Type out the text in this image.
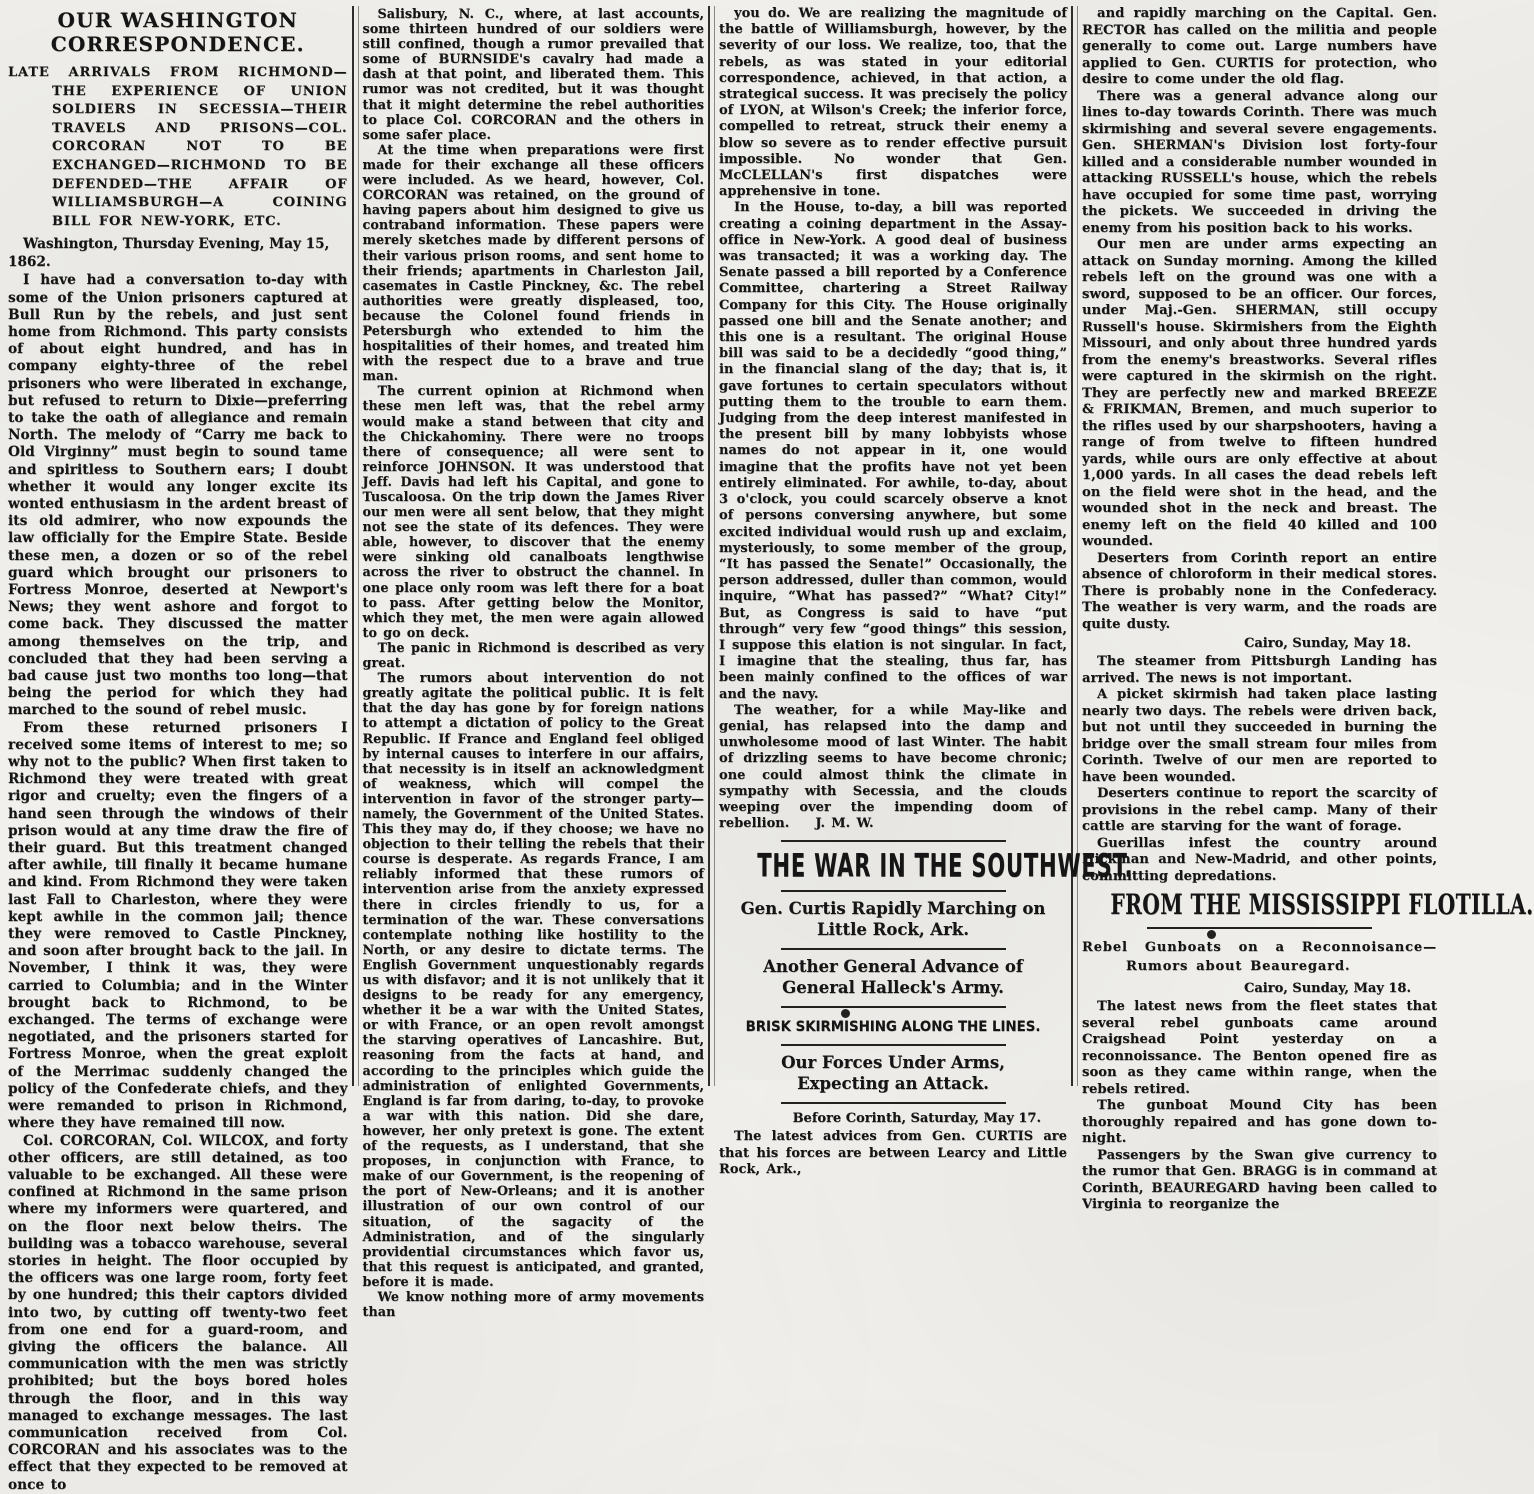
OUR WASHINGTON CORRESPONDENCE.
LATE ARRIVALS FROM RICHMOND—THE EXPERIENCE OF UNION SOLDIERS IN SECESSIA—THEIR TRAVELS AND PRISONS—COL. CORCORAN NOT TO BE EXCHANGED—RICHMOND TO BE DEFENDED—THE AFFAIR OF WILLIAMSBURGH—A COINING BILL FOR NEW-YORK, ETC.
Washington, Thursday Evening, May 15, 1862.
I have had a conversation to-day with some of the Union prisoners captured at Bull Run by the rebels, and just sent home from Richmond. This party consists of about eight hundred, and has in company eighty-three of the rebel prisoners who were liberated in exchange, but refused to return to Dixie—preferring to take the oath of allegiance and remain North. The melody of “Carry me back to Old Virginny” must begin to sound tame and spiritless to Southern ears; I doubt whether it would any longer excite its wonted enthusiasm in the ardent breast of its old admirer, who now expounds the law officially for the Empire State. Beside these men, a dozen or so of the rebel guard which brought our prisoners to Fortress Monroe, deserted at Newport's News; they went ashore and forgot to come back. They discussed the matter among themselves on the trip, and concluded that they had been serving a bad cause just two months too long—that being the period for which they had marched to the sound of rebel music.
From these returned prisoners I received some items of interest to me; so why not to the public? When first taken to Richmond they were treated with great rigor and cruelty; even the fingers of a hand seen through the windows of their prison would at any time draw the fire of their guard. But this treatment changed after awhile, till finally it became humane and kind. From Richmond they were taken last Fall to Charleston, where they were kept awhile in the common jail; thence they were removed to Castle Pinckney, and soon after brought back to the jail. In November, I think it was, they were carried to Columbia; and in the Winter brought back to Richmond, to be exchanged. The terms of exchange were negotiated, and the prisoners started for Fortress Monroe, when the great exploit of the Merrimac suddenly changed the policy of the Confederate chiefs, and they were remanded to prison in Richmond, where they have remained till now.
Col. CORCORAN, Col. WILCOX, and forty other officers, are still detained, as too valuable to be exchanged. All these were confined at Richmond in the same prison where my informers were quartered, and on the floor next below theirs. The building was a tobacco warehouse, several stories in height. The floor occupied by the officers was one large room, forty feet by one hundred; this their captors divided into two, by cutting off twenty-two feet from one end for a guard-room, and giving the officers the balance. All communication with the men was strictly prohibited; but the boys bored holes through the floor, and in this way managed to exchange messages. The last communication received from Col. CORCORAN and his associates was to the effect that they expected to be removed at once to
Salisbury, N. C., where, at last accounts, some thirteen hundred of our soldiers were still confined, though a rumor prevailed that some of BURNSIDE's cavalry had made a dash at that point, and liberated them. This rumor was not credited, but it was thought that it might determine the rebel authorities to place Col. CORCORAN and the others in some safer place.
At the time when preparations were first made for their exchange all these officers were included. As we heard, however, Col. CORCORAN was retained, on the ground of having papers about him designed to give us contraband information. These papers were merely sketches made by different persons of their various prison rooms, and sent home to their friends; apartments in Charleston Jail, casemates in Castle Pinckney, &c. The rebel authorities were greatly displeased, too, because the Colonel found friends in Petersburgh who extended to him the hospitalities of their homes, and treated him with the respect due to a brave and true man.
The current opinion at Richmond when these men left was, that the rebel army would make a stand between that city and the Chickahominy. There were no troops there of consequence; all were sent to reinforce JOHNSON. It was understood that Jeff. Davis had left his Capital, and gone to Tuscaloosa. On the trip down the James River our men were all sent below, that they might not see the state of its defences. They were able, however, to discover that the enemy were sinking old canalboats lengthwise across the river to obstruct the channel. In one place only room was left there for a boat to pass. After getting below the Monitor, which they met, the men were again allowed to go on deck.
The panic in Richmond is described as very great.
The rumors about intervention do not greatly agitate the political public. It is felt that the day has gone by for foreign nations to attempt a dictation of policy to the Great Republic. If France and England feel obliged by internal causes to interfere in our affairs, that necessity is in itself an acknowledgment of weakness, which will compel the intervention in favor of the stronger party—namely, the Government of the United States. This they may do, if they choose; we have no objection to their telling the rebels that their course is desperate. As regards France, I am reliably informed that these rumors of intervention arise from the anxiety expressed there in circles friendly to us, for a termination of the war. These conversations contemplate nothing like hostility to the North, or any desire to dictate terms. The English Government unquestionably regards us with disfavor; and it is not unlikely that it designs to be ready for any emergency, whether it be a war with the United States, or with France, or an open revolt amongst the starving operatives of Lancashire. But, reasoning from the facts at hand, and according to the principles which guide the administration of enlighted Governments, England is far from daring, to-day, to provoke a war with this nation. Did she dare, however, her only pretext is gone. The extent of the requests, as I understand, that she proposes, in conjunction with France, to make of our Government, is the reopening of the port of New-Orleans; and it is another illustration of our own control of our situation, of the sagacity of the Administration, and of the singularly providential circumstances which favor us, that this request is anticipated, and granted, before it is made.
We know nothing more of army movements than
you do. We are realizing the magnitude of the battle of Williamsburgh, however, by the severity of our loss. We realize, too, that the rebels, as was stated in your editorial correspondence, achieved, in that action, a strategical success. It was precisely the policy of LYON, at Wilson's Creek; the inferior force, compelled to retreat, struck their enemy a blow so severe as to render effective pursuit impossible. No wonder that Gen. McCLELLAN's first dispatches were apprehensive in tone.
In the House, to-day, a bill was reported creating a coining department in the Assay-office in New-York. A good deal of business was transacted; it was a working day. The Senate passed a bill reported by a Conference Committee, chartering a Street Railway Company for this City. The House originally passed one bill and the Senate another; and this one is a resultant. The original House bill was said to be a decidedly “good thing,” in the financial slang of the day; that is, it gave fortunes to certain speculators without putting them to the trouble to earn them. Judging from the deep interest manifested in the present bill by many lobbyists whose names do not appear in it, one would imagine that the profits have not yet been entirely eliminated. For awhile, to-day, about 3 o'clock, you could scarcely observe a knot of persons conversing anywhere, but some excited individual would rush up and exclaim, mysteriously, to some member of the group, “It has passed the Senate!” Occasionally, the person addressed, duller than common, would inquire, “What has passed?” “What? City!” But, as Congress is said to have “put through” very few “good things” this session, I suppose this elation is not singular. In fact, I imagine that the stealing, thus far, has been mainly confined to the offices of war and the navy.
The weather, for a while May-like and genial, has relapsed into the damp and unwholesome mood of last Winter. The habit of drizzling seems to have become chronic; one could almost think the climate in sympathy with Secessia, and the clouds weeping over the impending doom of rebellion.  J. M. W.
THE WAR IN THE SOUTHWEST.
Gen. Curtis Rapidly Marching on Little Rock, Ark.
Another General Advance of General Halleck's Army.
BRISK SKIRMISHING ALONG THE LINES.
Our Forces Under Arms, Expecting an Attack.
Before Corinth, Saturday, May 17.
The latest advices from Gen. CURTIS are that his forces are between Learcy and Little Rock, Ark.,
and rapidly marching on the Capital. Gen. RECTOR has called on the militia and people generally to come out. Large numbers have applied to Gen. CURTIS for protection, who desire to come under the old flag.
There was a general advance along our lines to-day towards Corinth. There was much skirmishing and several severe engagements. Gen. SHERMAN's Division lost forty-four killed and a considerable number wounded in attacking RUSSELL's house, which the rebels have occupied for some time past, worrying the pickets. We succeeded in driving the enemy from his position back to his works.
Our men are under arms expecting an attack on Sunday morning. Among the killed rebels left on the ground was one with a sword, supposed to be an officer. Our forces, under Maj.-Gen. SHERMAN, still occupy Russell's house. Skirmishers from the Eighth Missouri, and only about three hundred yards from the enemy's breastworks. Several rifles were captured in the skirmish on the right. They are perfectly new and marked BREEZE & FRIKMAN, Bremen, and much superior to the rifles used by our sharpshooters, having a range of from twelve to fifteen hundred yards, while ours are only effective at about 1,000 yards. In all cases the dead rebels left on the field were shot in the head, and the wounded shot in the neck and breast. The enemy left on the field 40 killed and 100 wounded.
Deserters from Corinth report an entire absence of chloroform in their medical stores. There is probably none in the Confederacy. The weather is very warm, and the roads are quite dusty.
Cairo, Sunday, May 18.
The steamer from Pittsburgh Landing has arrived. The news is not important.
A picket skirmish had taken place lasting nearly two days. The rebels were driven back, but not until they succeeded in burning the bridge over the small stream four miles from Corinth. Twelve of our men are reported to have been wounded.
Deserters continue to report the scarcity of provisions in the rebel camp. Many of their cattle are starving for the want of forage.
Guerillas infest the country around Hickman and New-Madrid, and other points, committing depredations.
FROM THE MISSISSIPPI FLOTILLA.
Rebel Gunboats on a Reconnoisance—Rumors about Beauregard.
Cairo, Sunday, May 18.
The latest news from the fleet states that several rebel gunboats came around Craigshead Point yesterday on a reconnoissance. The Benton opened fire as soon as they came within range, when the rebels retired.
The gunboat Mound City has been thoroughly repaired and has gone down to-night.
Passengers by the Swan give currency to the rumor that Gen. BRAGG is in command at Corinth, BEAUREGARD having been called to Virginia to reorganize the
